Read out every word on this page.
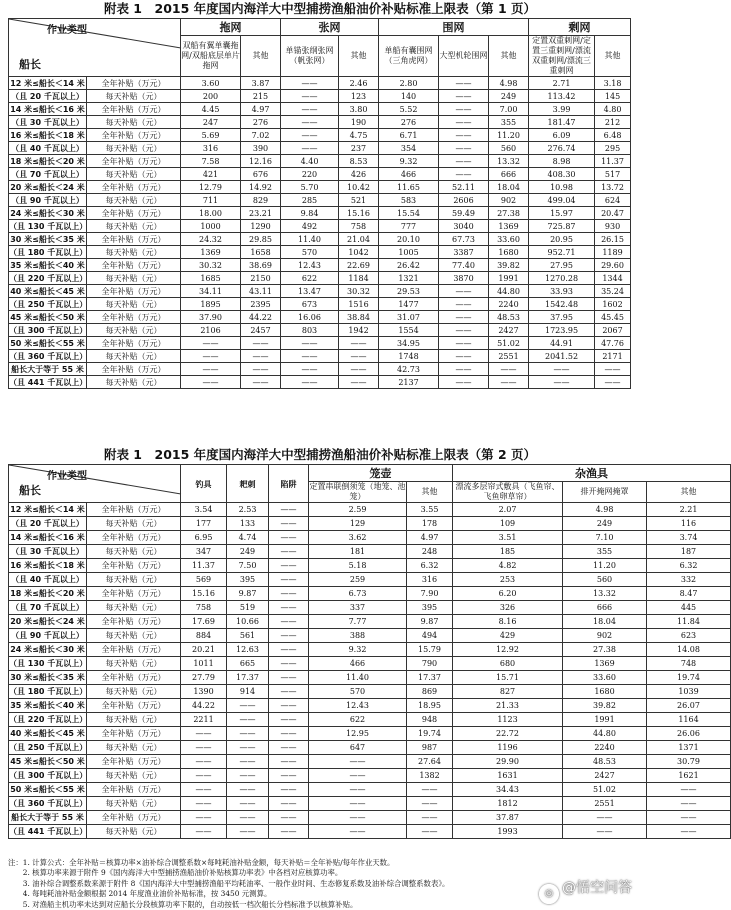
附表 1　2015 年度国内海洋大中型捕捞渔船油价补贴标准上限表（第 1 页）
作业类型
船长		拖网		张网		围网			剩网	
		双船有翼单囊拖网/双船底层单片拖网	其他	单锚张纲张网（帆张网）	其他	单船有囊围网（三角虎网）	大型机轮围网	其他	定置双重刺网/定置三重刺网/漂流双重刺网/漂流三重刺网	其他
12 米≤船长＜14 米	全年补贴（万元）	3.60	3.87	——	2.46	2.80	——	4.98	2.71	3.18
（且 20 千瓦以上）	每天补贴（元）	200	215	——	123	140	——	249	113.42	145
14 米≤船长＜16 米	全年补贴（万元）	4.45	4.97	——	3.80	5.52	——	7.00	3.99	4.80
（且 30 千瓦以上）	每天补贴（元）	247	276	——	190	276	——	355	181.47	212
16 米≤船长＜18 米	全年补贴（万元）	5.69	7.02	——	4.75	6.71	——	11.20	6.09	6.48
（且 40 千瓦以上）	每天补贴（元）	316	390	——	237	354	——	560	276.74	295
18 米≤船长＜20 米	全年补贴（万元）	7.58	12.16	4.40	8.53	9.32	——	13.32	8.98	11.37
（且 70 千瓦以上）	每天补贴（元）	421	676	220	426	466	——	666	408.30	517
20 米≤船长＜24 米	全年补贴（万元）	12.79	14.92	5.70	10.42	11.65	52.11	18.04	10.98	13.72
（且 90 千瓦以上）	每天补贴（元）	711	829	285	521	583	2606	902	499.04	624
24 米≤船长＜30 米	全年补贴（万元）	18.00	23.21	9.84	15.16	15.54	59.49	27.38	15.97	20.47
（且 130 千瓦以上）	每天补贴（元）	1000	1290	492	758	777	3040	1369	725.87	930
30 米≤船长＜35 米	全年补贴（万元）	24.32	29.85	11.40	21.04	20.10	67.73	33.60	20.95	26.15
（且 180 千瓦以上）	每天补贴（元）	1369	1658	570	1042	1005	3387	1680	952.71	1189
35 米≤船长＜40 米	全年补贴（万元）	30.32	38.69	12.43	22.69	26.42	77.40	39.82	27.95	29.60
（且 220 千瓦以上）	每天补贴（元）	1685	2150	622	1184	1321	3870	1991	1270.28	1344
40 米≤船长＜45 米	全年补贴（万元）	34.11	43.11	13.47	30.32	29.53	——	44.80	33.93	35.24
（且 250 千瓦以上）	每天补贴（元）	1895	2395	673	1516	1477	——	2240	1542.48	1602
45 米≤船长＜50 米	全年补贴（万元）	37.90	44.22	16.06	38.84	31.07	——	48.53	37.95	45.45
（且 300 千瓦以上）	每天补贴（元）	2106	2457	803	1942	1554	——	2427	1723.95	2067
50 米≤船长＜55 米	全年补贴（万元）	——	——	——	——	34.95	——	51.02	44.91	47.76
（且 360 千瓦以上）	每天补贴（元）	——	——	——	——	1748	——	2551	2041.52	2171
船长大于等于 55 米	全年补贴（万元）	——	——	——	——	42.73	——	——	——	——
（且 441 千瓦以上）	每天补贴（元）	——	——	——	——	2137	——	——	——	——
附表 1　2015 年度国内海洋大中型捕捞渔船油价补贴标准上限表（第 2 页）
作业类型
船长		钓具	耙刺	陷阱	笼壶		杂渔具		
					定置串联倒须笼（地笼、池笼）	其他	漂流多层帘式敷具（飞鱼帘、飞鱼卵草帘）	排开掩网掩罩	其他
12 米≤船长＜14 米	全年补贴（万元）	3.54	2.53	——	2.59	3.55	2.07	4.98	2.21
（且 20 千瓦以上）	每天补贴（元）	177	133	——	129	178	109	249	116
14 米≤船长＜16 米	全年补贴（万元）	6.95	4.74	——	3.62	4.97	3.51	7.10	3.74
（且 30 千瓦以上）	每天补贴（元）	347	249	——	181	248	185	355	187
16 米≤船长＜18 米	全年补贴（万元）	11.37	7.50	——	5.18	6.32	4.82	11.20	6.32
（且 40 千瓦以上）	每天补贴（元）	569	395	——	259	316	253	560	332
18 米≤船长＜20 米	全年补贴（万元）	15.16	9.87	——	6.73	7.90	6.20	13.32	8.47
（且 70 千瓦以上）	每天补贴（元）	758	519	——	337	395	326	666	445
20 米≤船长＜24 米	全年补贴（万元）	17.69	10.66	——	7.77	9.87	8.16	18.04	11.84
（且 90 千瓦以上）	每天补贴（元）	884	561	——	388	494	429	902	623
24 米≤船长＜30 米	全年补贴（万元）	20.21	12.63	——	9.32	15.79	12.92	27.38	14.08
（且 130 千瓦以上）	每天补贴（元）	1011	665	——	466	790	680	1369	748
30 米≤船长＜35 米	全年补贴（万元）	27.79	17.37	——	11.40	17.37	15.71	33.60	19.74
（且 180 千瓦以上）	每天补贴（元）	1390	914	——	570	869	827	1680	1039
35 米≤船长＜40 米	全年补贴（万元）	44.22	——	——	12.43	18.95	21.33	39.82	26.07
（且 220 千瓦以上）	每天补贴（元）	2211	——	——	622	948	1123	1991	1164
40 米≤船长＜45 米	全年补贴（万元）	——	——	——	12.95	19.74	22.72	44.80	26.06
（且 250 千瓦以上）	每天补贴（元）	——	——	——	647	987	1196	2240	1371
45 米≤船长＜50 米	全年补贴（万元）	——	——	——	——	27.64	29.90	48.53	30.79
（且 300 千瓦以上）	每天补贴（元）	——	——	——	——	1382	1631	2427	1621
50 米≤船长＜55 米	全年补贴（万元）	——	——	——	——	——	34.43	51.02	——
（且 360 千瓦以上）	每天补贴（元）	——	——	——	——	——	1812	2551	——
船长大于等于 55 米	全年补贴（万元）	——	——	——	——	——	37.87	——	——
（且 441 千瓦以上）	每天补贴（元）	——	——	——	——	——	1993	——	——
注：1. 计算公式：全年补贴＝核算功率×油补综合调整系数×每吨耗油补贴金额，每天补贴＝全年补贴/每年作业天数。
　　2. 核算功率来源于附件 9《国内海洋大中型捕捞渔船油价补贴核算功率表》中各档对应核算功率。
　　3. 油补综合调整系数来源于附件 8《国内海洋大中型捕捞渔船平均耗油率、一般作业时间、生态修复系数及油补综合调整系数表》。
　　4. 每吨耗油补贴金额根据 2014 年度渔业油价补贴标准，按 3450 元测算。
　　5. 对渔船主机功率未达到对应船长分段核算功率下限的，自动按低一档次船长分档标准予以核算补贴。
◎ @悟空问答
